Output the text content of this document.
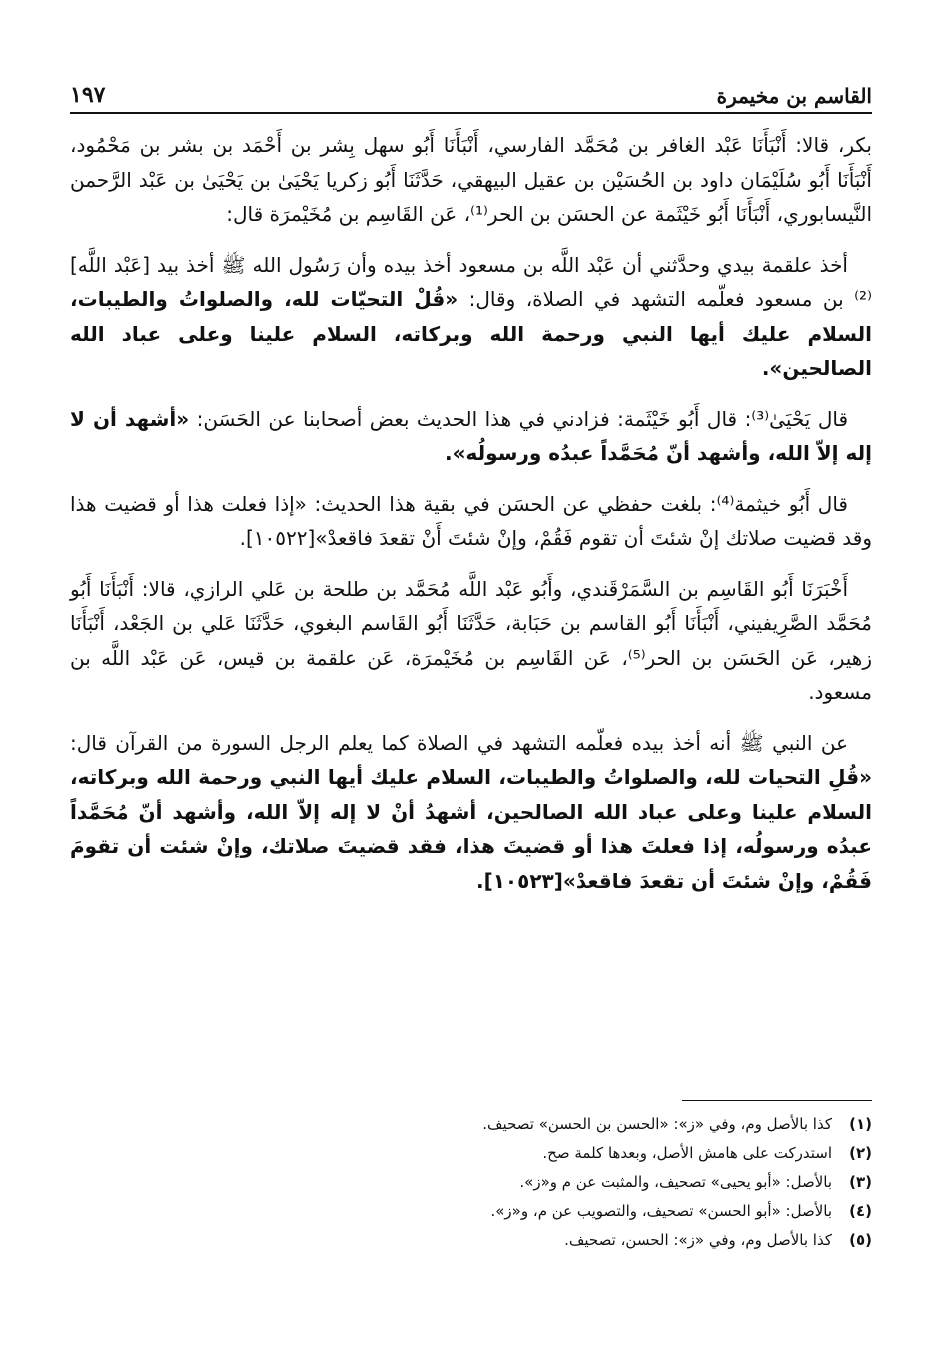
القاسم بن مخيمرة
١٩٧

بكر، قالا: أَنْبَأَنَا عَبْد الغافر بن مُحَمَّد الفارسي، أَنْبَأَنَا أَبُو سهل بِشر بن أَحْمَد بن بشر بن مَحْمُود، أَنْبَأَنَا أَبُو سُلَيْمَان داود بن الحُسَيْن بن عقيل البيهقي، حَدَّثَنَا أَبُو زكريا يَحْيَىٰ بن يَحْيَىٰ بن عَبْد الرَّحمن النَّيسابوري، أَنْبَأَنَا أَبُو خَيْثَمة عن الحسَن بن الحر⁽¹⁾، عَن القَاسِم بن مُخَيْمرَة قال:

أخذ علقمة بيدي وحدَّثني أن عَبْد اللَّه بن مسعود أخذ بيده وأن رَسُول الله ﷺ أخذ بيد [عَبْد اللَّه]⁽²⁾ بن مسعود فعلّمه التشهد في الصلاة، وقال: «قُلْ التحيّات لله، والصلواتُ والطيبات، السلام عليك أيها النبي ورحمة الله وبركاته، السلام علينا وعلى عباد الله الصالحين».

قال يَحْيَىٰ⁽³⁾: قال أَبُو خَيْثَمة: فزادني في هذا الحديث بعض أصحابنا عن الحَسَن: «أشهد أن لا إله إلاّ الله، وأشهد أنّ مُحَمَّداً عبدُه ورسولُه».

قال أَبُو خيثمة⁽⁴⁾: بلغت حفظي عن الحسَن في بقية هذا الحديث: «إذا فعلت هذا أو قضيت هذا وقد قضيت صلاتك إنْ شئتَ أن تقوم فَقُمْ، وإنْ شئتَ أَنْ تقعدَ فاقعدْ»[١٠٥٢٢].

أَخْبَرَنَا أَبُو القَاسِم بن السَّمَرْقَندي، وأَبُو عَبْد اللَّه مُحَمَّد بن طلحة بن عَلي الرازي، قالا: أَنْبَأَنَا أَبُو مُحَمَّد الصَّرِيفيني، أَنْبَأَنَا أَبُو القاسم بن حَبَابة، حَدَّثَنَا أَبُو القَاسم البغوي، حَدَّثَنَا عَلي بن الجَعْد، أَنْبَأَنَا زهير، عَن الحَسَن بن الحر⁽⁵⁾، عَن القَاسِم بن مُخَيْمرَة، عَن علقمة بن قيس، عَن عَبْد اللَّه بن مسعود.

عن النبي ﷺ أنه أخذ بيده فعلّمه التشهد في الصلاة كما يعلم الرجل السورة من القرآن قال: «قُلِ التحيات لله، والصلواتُ والطيبات، السلام عليك أيها النبي ورحمة الله وبركاته، السلام علينا وعلى عباد الله الصالحين، أشهدُ أنْ لا إله إلاّ الله، وأشهد أنّ مُحَمَّداً عبدُه ورسولُه، إذا فعلتَ هذا أو قضيتَ هذا، فقد قضيتَ صلاتك، وإنْ شئت أن تقومَ فَقُمْ، وإنْ شئتَ أن تقعدَ فاقعدْ»[١٠٥٢٣].

(١)
كذا بالأصل وم، وفي «ز»: «الحسن بن الحسن» تصحيف.
(٢)
استدركت على هامش الأصل، وبعدها كلمة صح.
(٣)
بالأصل: «أبو يحيى» تصحيف، والمثبت عن م و«ز».
(٤)
بالأصل: «أبو الحسن» تصحيف، والتصويب عن م، و«ز».
(٥)
كذا بالأصل وم، وفي «ز»: الحسن، تصحيف.
